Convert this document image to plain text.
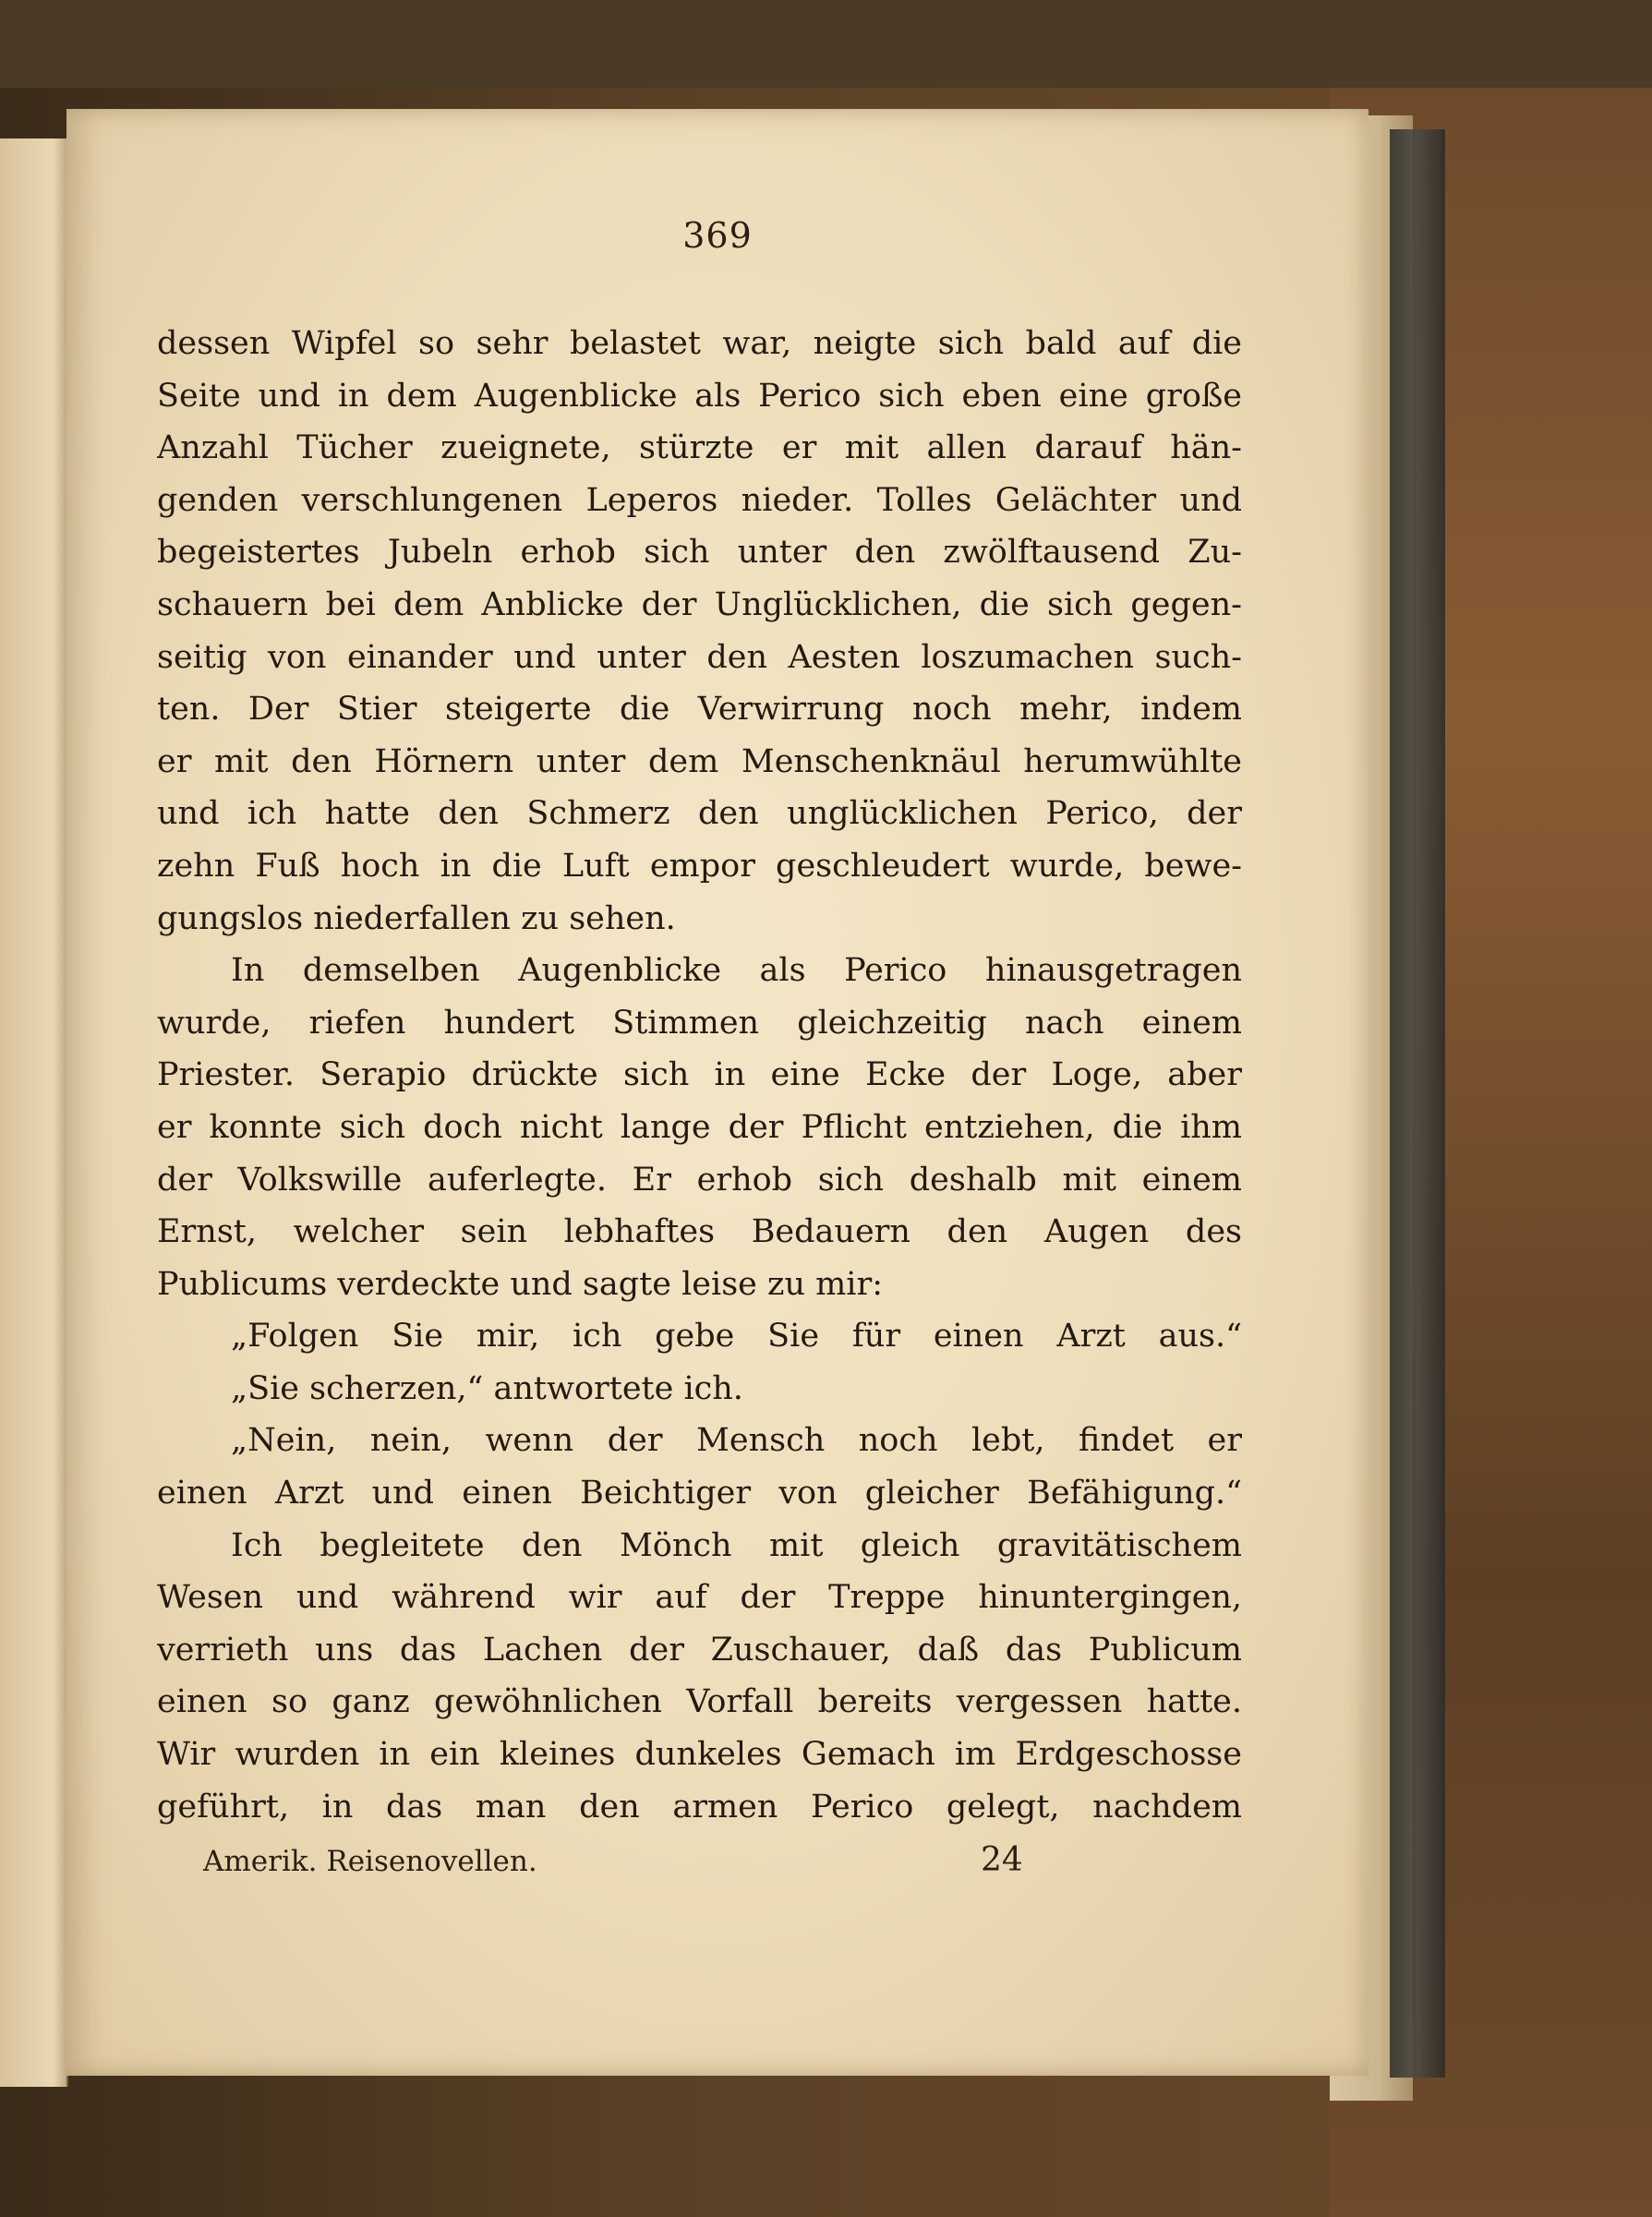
369
dessen Wipfel so sehr belastet war, neigte sich bald auf die
Seite und in dem Augenblicke als Perico sich eben eine große
Anzahl Tücher zueignete, stürzte er mit allen darauf hän-
genden verschlungenen Leperos nieder. Tolles Gelächter und
begeistertes Jubeln erhob sich unter den zwölftausend Zu-
schauern bei dem Anblicke der Unglücklichen, die sich gegen-
seitig von einander und unter den Aesten loszumachen such-
ten. Der Stier steigerte die Verwirrung noch mehr, indem
er mit den Hörnern unter dem Menschenknäul herumwühlte
und ich hatte den Schmerz den unglücklichen Perico, der
zehn Fuß hoch in die Luft empor geschleudert wurde, bewe-
gungslos niederfallen zu sehen.
In demselben Augenblicke als Perico hinausgetragen
wurde, riefen hundert Stimmen gleichzeitig nach einem
Priester. Serapio drückte sich in eine Ecke der Loge, aber
er konnte sich doch nicht lange der Pflicht entziehen, die ihm
der Volkswille auferlegte. Er erhob sich deshalb mit einem
Ernst, welcher sein lebhaftes Bedauern den Augen des
Publicums verdeckte und sagte leise zu mir:
„Folgen Sie mir, ich gebe Sie für einen Arzt aus.“
„Sie scherzen,“ antwortete ich.
„Nein, nein, wenn der Mensch noch lebt, findet er
einen Arzt und einen Beichtiger von gleicher Befähigung.“
Ich begleitete den Mönch mit gleich gravitätischem
Wesen und während wir auf der Treppe hinuntergingen,
verrieth uns das Lachen der Zuschauer, daß das Publicum
einen so ganz gewöhnlichen Vorfall bereits vergessen hatte.
Wir wurden in ein kleines dunkeles Gemach im Erdgeschosse
geführt, in das man den armen Perico gelegt, nachdem
Amerik. Reisenovellen.	24
